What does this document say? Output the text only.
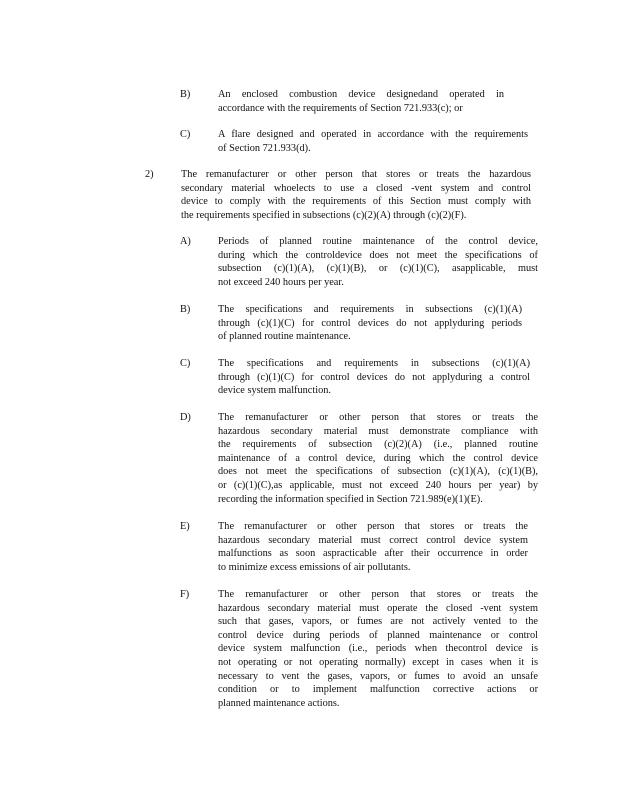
B)	An enclosed combustion device designedand operated in
accordance with the requirements of Section 721.933(c); or
C)	A flare designed and operated in accordance with the requirements
of Section 721.933(d).
2)	The remanufacturer or other person that stores or treats the hazardous
secondary material whoelects to use a closed -vent system and control
device to comply with the requirements of this Section must comply with
the requirements specified in subsections (c)(2)(A) through (c)(2)(F).
A)	Periods of planned routine maintenance of the control device,
during which the controldevice does not meet the specifications of
subsection (c)(1)(A), (c)(1)(B), or (c)(1)(C), asapplicable, must
not exceed 240 hours per year.
B)	The specifications and requirements in subsections (c)(1)(A)
through (c)(1)(C) for control devices do not applyduring periods
of planned routine maintenance.
C)	The specifications and requirements in subsections (c)(1)(A)
through (c)(1)(C) for control devices do not applyduring a control
device system malfunction.
D)	The remanufacturer or other person that stores or treats the
hazardous secondary material must demonstrate compliance with
the requirements of subsection (c)(2)(A) (i.e., planned routine
maintenance of a control device, during which the control device
does not meet the specifications of subsection (c)(1)(A), (c)(1)(B),
or (c)(1)(C),as applicable, must not exceed 240 hours per year) by
recording the information specified in Section 721.989(e)(1)(E).
E)	The remanufacturer or other person that stores or treats the
hazardous secondary material must correct control device system
malfunctions as soon aspracticable after their occurrence in order
to minimize excess emissions of air pollutants.
F)	The remanufacturer or other person that stores or treats the
hazardous secondary material must operate the closed -vent system
such that gases, vapors, or fumes are not actively vented to the
control device during periods of planned maintenance or control
device system malfunction (i.e., periods when thecontrol device is
not operating or not operating normally) except in cases when it is
necessary to vent the gases, vapors, or fumes to avoid an unsafe
condition or to implement malfunction corrective actions or
planned maintenance actions.
